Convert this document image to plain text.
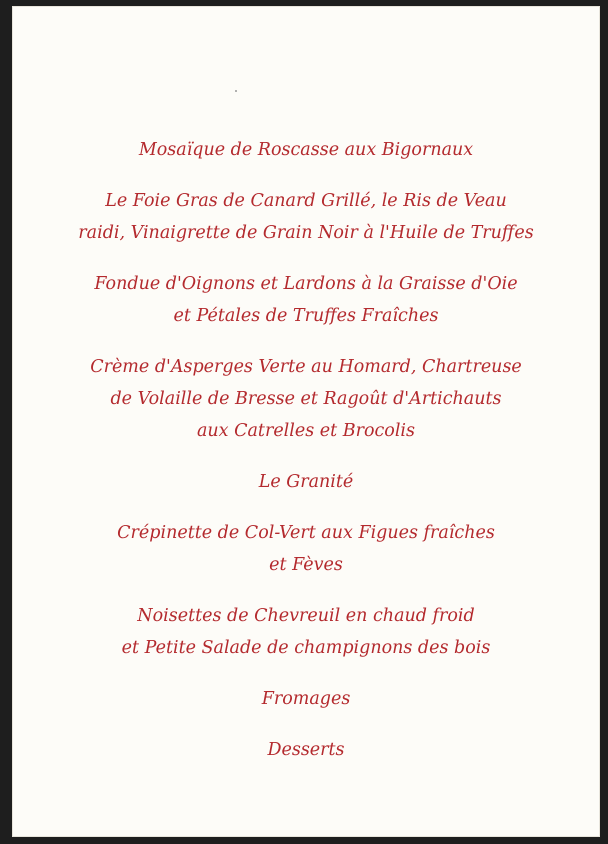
Mosaïque de Roscasse aux Bigornaux
Le Foie Gras de Canard Grillé, le Ris de Veau
raidi, Vinaigrette de Grain Noir à l'Huile de Truffes
Fondue d'Oignons et Lardons à la Graisse d'Oie
et Pétales de Truffes Fraîches
Crème d'Asperges Verte au Homard, Chartreuse
de Volaille de Bresse et Ragoût d'Artichauts
aux Catrelles et Brocolis
Le Granité
Crépinette de Col-Vert aux Figues fraîches
et Fèves
Noisettes de Chevreuil en chaud froid
et Petite Salade de champignons des bois
Fromages
Desserts
